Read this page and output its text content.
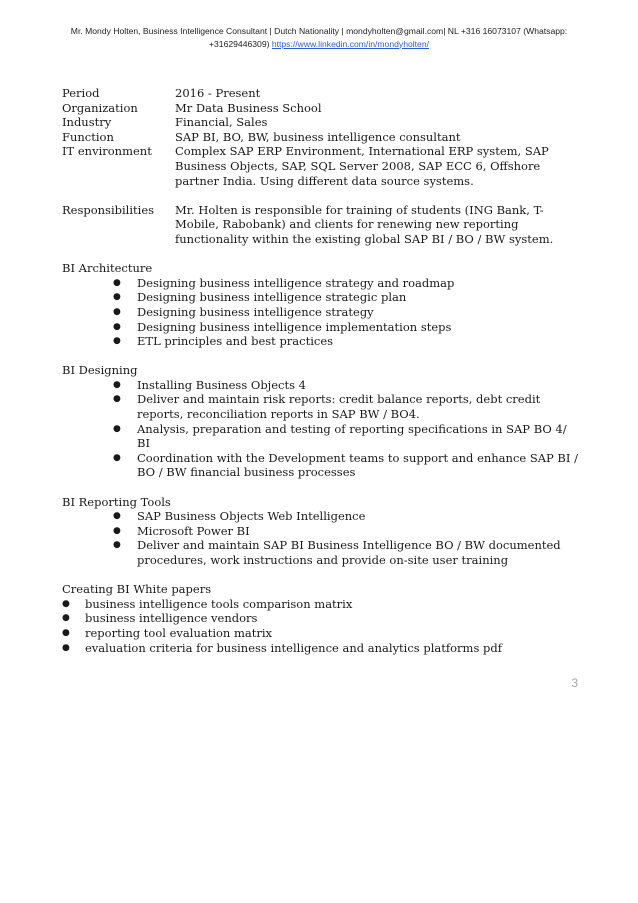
Mr. Mondy Holten, Business Intelligence Consultant | Dutch Nationality | mondyholten@gmail.com| NL +316 16073107 (Whatsapp:
+31629446309) https://www.linkedin.com/in/mondyholten/
Period	2016 - Present
Organization	Mr Data Business School
Industry	Financial, Sales
Function	SAP BI, BO, BW, business intelligence consultant
IT environment	Complex SAP ERP Environment, International ERP system, SAP Business Objects, SAP, SQL Server 2008, SAP ECC 6, Offshore partner India. Using different data source systems.
Responsibilities	Mr. Holten is responsible for training of students (ING Bank, T-Mobile, Rabobank) and clients for renewing new reporting functionality within the existing global SAP BI / BO / BW system.
BI Architecture
● Designing business intelligence strategy and roadmap
● Designing business intelligence strategic plan
● Designing business intelligence strategy
● Designing business intelligence implementation steps
● ETL principles and best practices
BI Designing
● Installing Business Objects 4
● Deliver and maintain risk reports: credit balance reports, debt credit reports, reconciliation reports in SAP BW / BO4.
● Analysis, preparation and testing of reporting specifications in SAP BO 4/ BI
● Coordination with the Development teams to support and enhance SAP BI / BO / BW financial business processes
BI Reporting Tools
● SAP Business Objects Web Intelligence
● Microsoft Power BI
● Deliver and maintain SAP BI Business Intelligence BO / BW documented procedures, work instructions and provide on-site user training
Creating BI White papers
● business intelligence tools comparison matrix
● business intelligence vendors
● reporting tool evaluation matrix
● evaluation criteria for business intelligence and analytics platforms pdf
3
